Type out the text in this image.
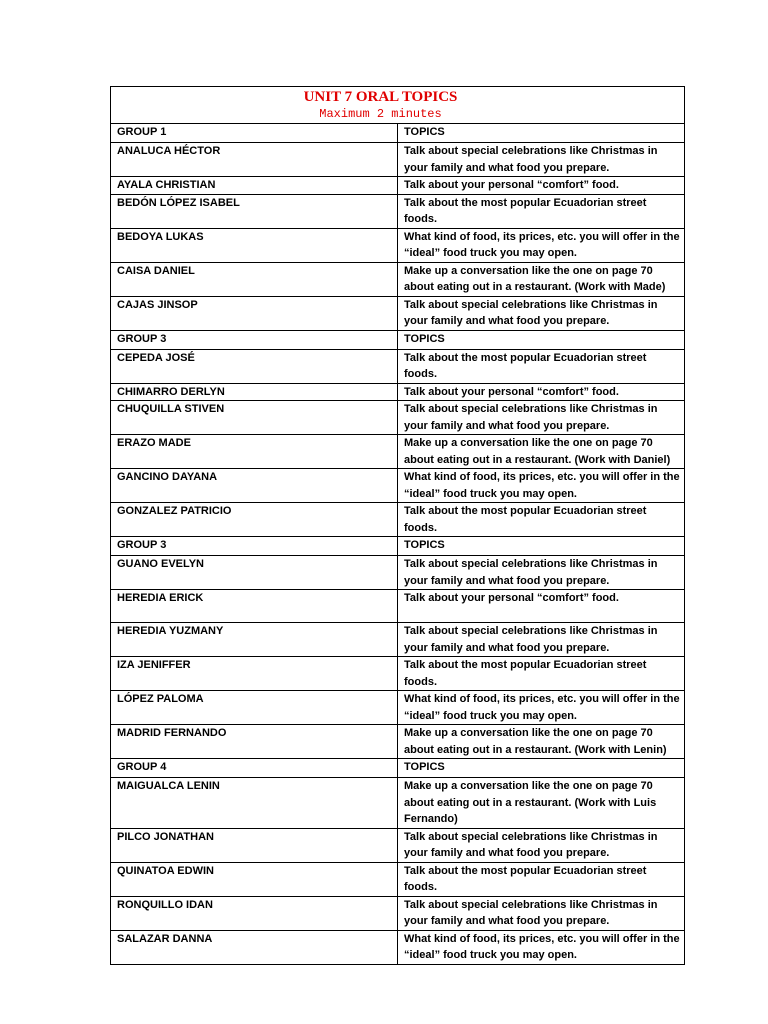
UNIT 7 ORAL TOPICS
Maximum 2 minutes	

GROUP 1	TOPICS
ANALUCA HÉCTOR	Talk about special celebrations like Christmas in your family and what food you prepare.
AYALA CHRISTIAN	Talk about your personal “comfort” food.
BEDÓN LÓPEZ ISABEL	Talk about the most popular Ecuadorian street foods.
BEDOYA LUKAS	What kind of food, its prices, etc. you will offer in the “ideal” food truck you may open.
CAISA DANIEL	Make up a conversation like the one on page 70 about eating out in a restaurant. (Work with Made)
CAJAS JINSOP	Talk about special celebrations like Christmas in your family and what food you prepare.
GROUP 3	TOPICS
CEPEDA JOSÉ	Talk about the most popular Ecuadorian street foods.
CHIMARRO DERLYN	Talk about your personal “comfort” food.
CHUQUILLA STIVEN	Talk about special celebrations like Christmas in your family and what food you prepare.
ERAZO MADE	Make up a conversation like the one on page 70 about eating out in a restaurant. (Work with Daniel)
GANCINO DAYANA	What kind of food, its prices, etc. you will offer in the “ideal” food truck you may open.
GONZALEZ PATRICIO	Talk about the most popular Ecuadorian street foods.
GROUP 3	TOPICS
GUANO EVELYN	Talk about special celebrations like Christmas in your family and what food you prepare.
HEREDIA ERICK	Talk about your personal “comfort” food.
HEREDIA YUZMANY	Talk about special celebrations like Christmas in your family and what food you prepare.
IZA JENIFFER	Talk about the most popular Ecuadorian street foods.
LÓPEZ PALOMA	What kind of food, its prices, etc. you will offer in the “ideal” food truck you may open.
MADRID FERNANDO	Make up a conversation like the one on page 70 about eating out in a restaurant. (Work with Lenin)
GROUP 4	TOPICS
MAIGUALCA LENIN	Make up a conversation like the one on page 70 about eating out in a restaurant. (Work with Luis Fernando)
PILCO JONATHAN	Talk about special celebrations like Christmas in your family and what food you prepare.
QUINATOA EDWIN	Talk about the most popular Ecuadorian street foods.
RONQUILLO IDAN	Talk about special celebrations like Christmas in your family and what food you prepare.
SALAZAR DANNA	What kind of food, its prices, etc. you will offer in the “ideal” food truck you may open.
